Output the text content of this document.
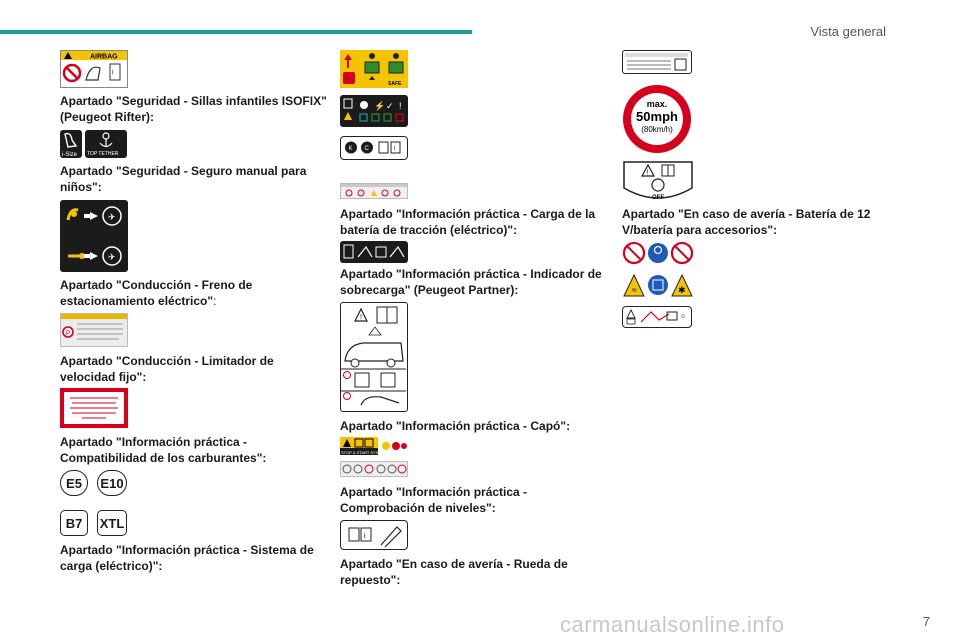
Vista general
AIRBAG
i
Apartado "Seguridad - Sillas infantiles ISOFIX" (Peugeot Rifter):
i-Size TOP TETHER
Apartado "Seguridad - Seguro manual para niños":
✈
✈
Apartado "Conducción - Freno de estacionamiento eléctrico":
P
Apartado "Conducción - Limitador de velocidad fijo":
Apartado "Información práctica - Compatibilidad de los carburantes":
E5	E10
B7	XTL
Apartado "Información práctica - Sistema de carga (eléctrico)":
SAFE
⚡ ✓ !
K C	i
Apartado "Información práctica - Carga de la batería de tracción (eléctrico)":
Apartado "Información práctica - Indicador de sobrecarga" (Peugeot Partner):
!
Apartado "Información práctica - Capó":
STOP & START SYSTEM
Apartado "Información práctica - Comprobación de niveles":
i
Apartado "En caso de avería - Rueda de repuesto":
max.
50mph
(80km/h)
!
OFF
Apartado "En caso de avería - Batería de 12 V/batería para accesorios":
≈	✱
☺
carmanualsonline.info	7
